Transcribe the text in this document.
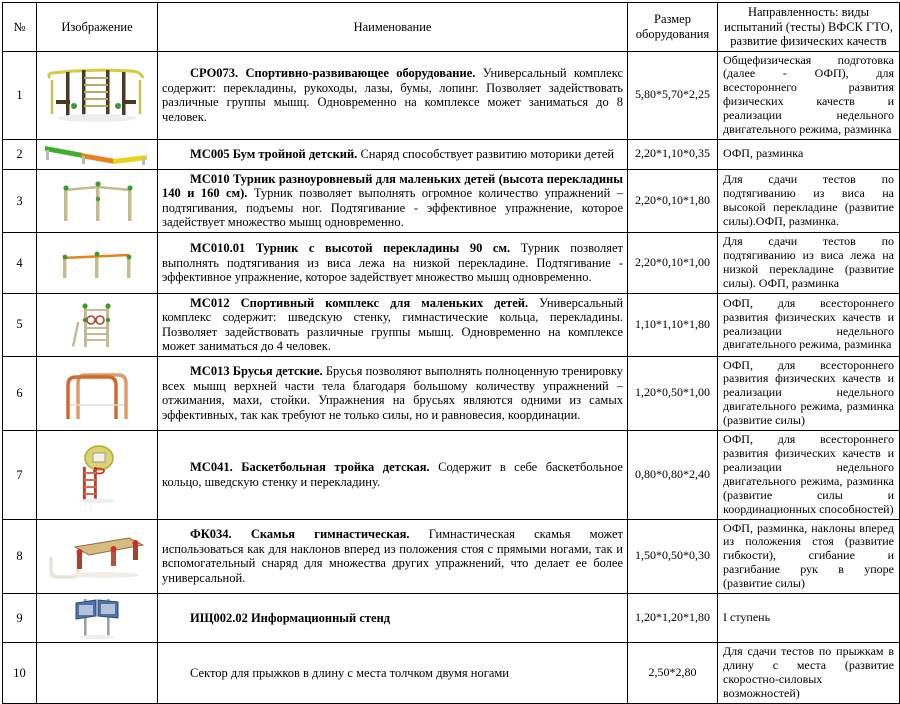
№	Изображение	Наименование	Размер оборудования	Направленность: виды испытаний (тесты) ВФСК ГТО, развитие физических качеств
1		СРО073. Спортивно-развивающее оборудование. Универсальный комплекс содержит: перекладины, рукоходы, лазы, бумы, лопинг. Позволяет задействовать различные группы мышц. Одновременно на комплексе может заниматься до 8 человек.	5,80*5,70*2,25	Общефизическая подготовка (далее - ОФП), для всестороннего развития физических качеств и реализации недельного двигательного режима, разминка
2		МС005 Бум тройной детский. Снаряд способствует развитию моторики детей	2,20*1,10*0,35	ОФП, разминка
3		МС010 Турник разноуровневый для маленьких детей (высота перекладины 140 и 160 см). Турник позволяет выполнять огромное количество упражнений – подтягивания, подъемы ног. Подтягивание - эффективное упражнение, которое задействует множество мышц одновременно.	2,20*0,10*1,80	Для сдачи тестов по подтягиванию из виса на высокой перекладине (развитие силы).ОФП, разминка.
4		МС010.01 Турник с высотой перекладины 90 см. Турник позволяет выполнять подтягивания из виса лежа на низкой перекладине. Подтягивание - эффективное упражнение, которое задействует множество мышц одновременно.	2,20*0,10*1,00	Для сдачи тестов по подтягиванию из виса лежа на низкой перекладине (развитие силы). ОФП, разминка
5		МС012 Спортивный комплекс для маленьких детей. Универсальный комплекс содержит: шведскую стенку, гимнастические кольца, перекладины. Позволяет задействовать различные группы мышц. Одновременно на комплексе может заниматься до 4 человек.	1,10*1,10*1,80	ОФП, для всестороннего развития физических качеств и реализации недельного двигательного режима, разминка
6		МС013 Брусья детские. Брусья позволяют выполнять полноценную тренировку всех мышц верхней части тела благодаря большому количеству упражнений – отжимания, махи, стойки. Упражнения на брусьях являются одними из самых эффективных, так как требуют не только силы, но и равновесия, координации.	1,20*0,50*1,00	ОФП, для всестороннего развития физических качеств и реализации недельного двигательного режима, разминка (развитие силы)
7		МС041. Баскетбольная тройка детская. Содержит в себе баскетбольное кольцо, шведскую стенку и перекладину.	0,80*0,80*2,40	ОФП, для всестороннего развития физических качеств и реализации недельного двигательного режима, разминка (развитие силы и координационных способностей)
8		ФК034. Скамья гимнастическая. Гимнастическая скамья может использоваться как для наклонов вперед из положения стоя с прямыми ногами, так и вспомогательный снаряд для множества других упражнений, что делает ее более универсальной.	1,50*0,50*0,30	ОФП, разминка, наклоны вперед из положения стоя (развитие гибкости), сгибание и разгибание рук в упоре (развитие силы)
9		ИЩ002.02 Информационный стенд	1,20*1,20*1,80	I ступень
10		Сектор для прыжков в длину с места толчком двумя ногами	2,50*2,80	Для сдачи тестов по прыжкам в длину с места (развитие скоростно-силовых возможностей)
